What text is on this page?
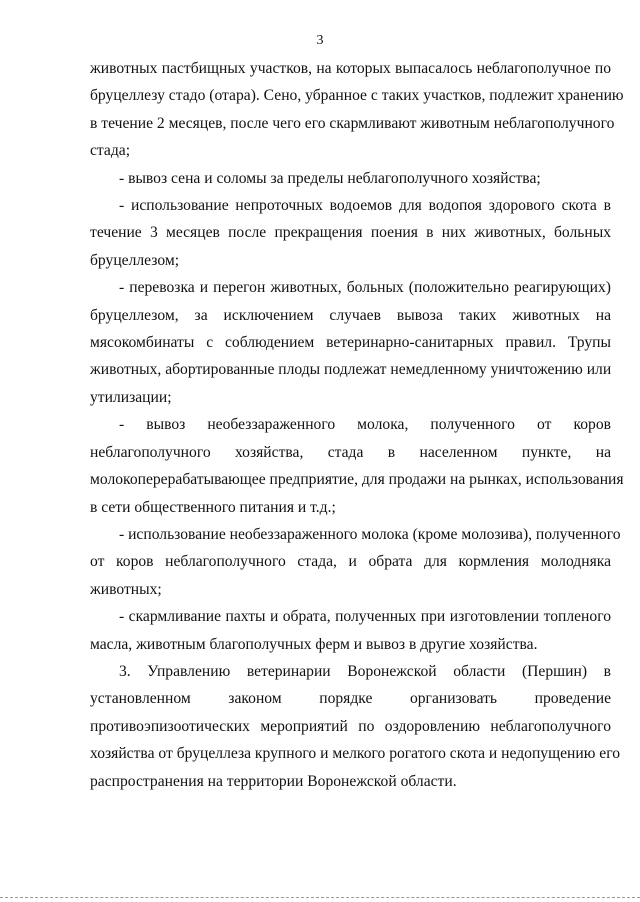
3
животных пастбищных участков, на которых выпасалось неблагополучное по
бруцеллезу стадо (отара). Сено, убранное с таких участков, подлежит хранению
в течение 2 месяцев, после чего его скармливают животным неблагополучного
стада;
- вывоз сена и соломы за пределы неблагополучного хозяйства;
- использование непроточных водоемов для водопоя здорового скота в
течение 3 месяцев после прекращения поения в них животных, больных
бруцеллезом;
- перевозка и перегон животных, больных (положительно реагирующих)
бруцеллезом, за исключением случаев вывоза таких животных на
мясокомбинаты с соблюдением ветеринарно-санитарных правил. Трупы
животных, абортированные плоды подлежат немедленному уничтожению или
утилизации;
- вывоз необеззараженного молока, полученного от коров
неблагополучного хозяйства, стада в населенном пункте, на
молокоперерабатывающее предприятие, для продажи на рынках, использования
в сети общественного питания и т.д.;
- использование необеззараженного молока (кроме молозива), полученного
от коров неблагополучного стада, и обрата для кормления молодняка
животных;
- скармливание пахты и обрата, полученных при изготовлении топленого
масла, животным благополучных ферм и вывоз в другие хозяйства.
3. Управлению ветеринарии Воронежской области (Першин) в
установленном законом порядке организовать проведение
противоэпизоотических мероприятий по оздоровлению неблагополучного
хозяйства от бруцеллеза крупного и мелкого рогатого скота и недопущению его
распространения на территории Воронежской области.
